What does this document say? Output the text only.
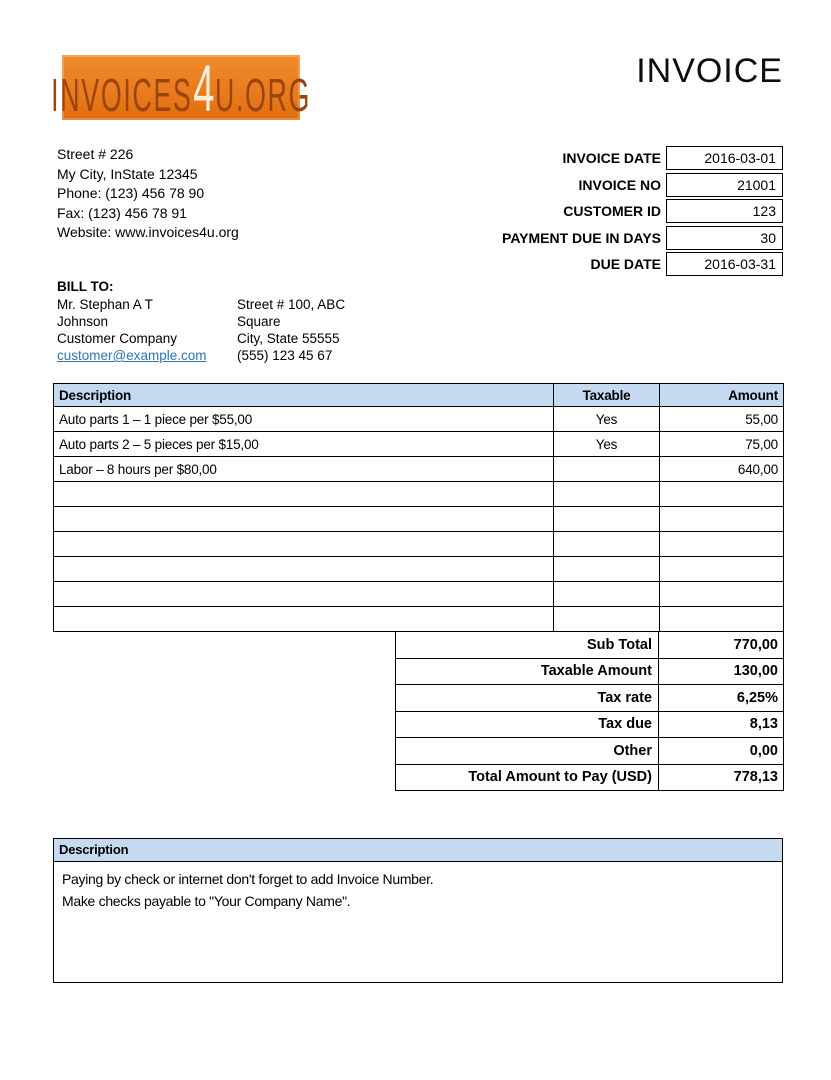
INVOICES4U.ORG	INVOICE
Street # 226
My City, InState 12345
Phone: (123) 456 78 90
Fax: (123) 456 78 91
Website: www.invoices4u.org
INVOICE DATE	2016-03-01
INVOICE NO	21001
CUSTOMER ID	123
PAYMENT DUE IN DAYS	30
DUE DATE	2016-03-31
BILL TO:
Mr. Stephan A T
Johnson
Customer Company
customer@example.com
Street # 100, ABC
Square
City, State 55555
(555) 123 45 67
Description	Taxable	Amount
Auto parts 1 – 1 piece per $55,00	Yes	55,00
Auto parts 2 – 5 pieces per $15,00	Yes	75,00
Labor – 8 hours per $80,00		640,00

Sub Total	770,00
Taxable Amount	130,00
Tax rate	6,25%
Tax due	8,13
Other	0,00
Total Amount to Pay (USD)	778,13
Description
Paying by check or internet don't forget to add Invoice Number.
Make checks payable to "Your Company Name".
